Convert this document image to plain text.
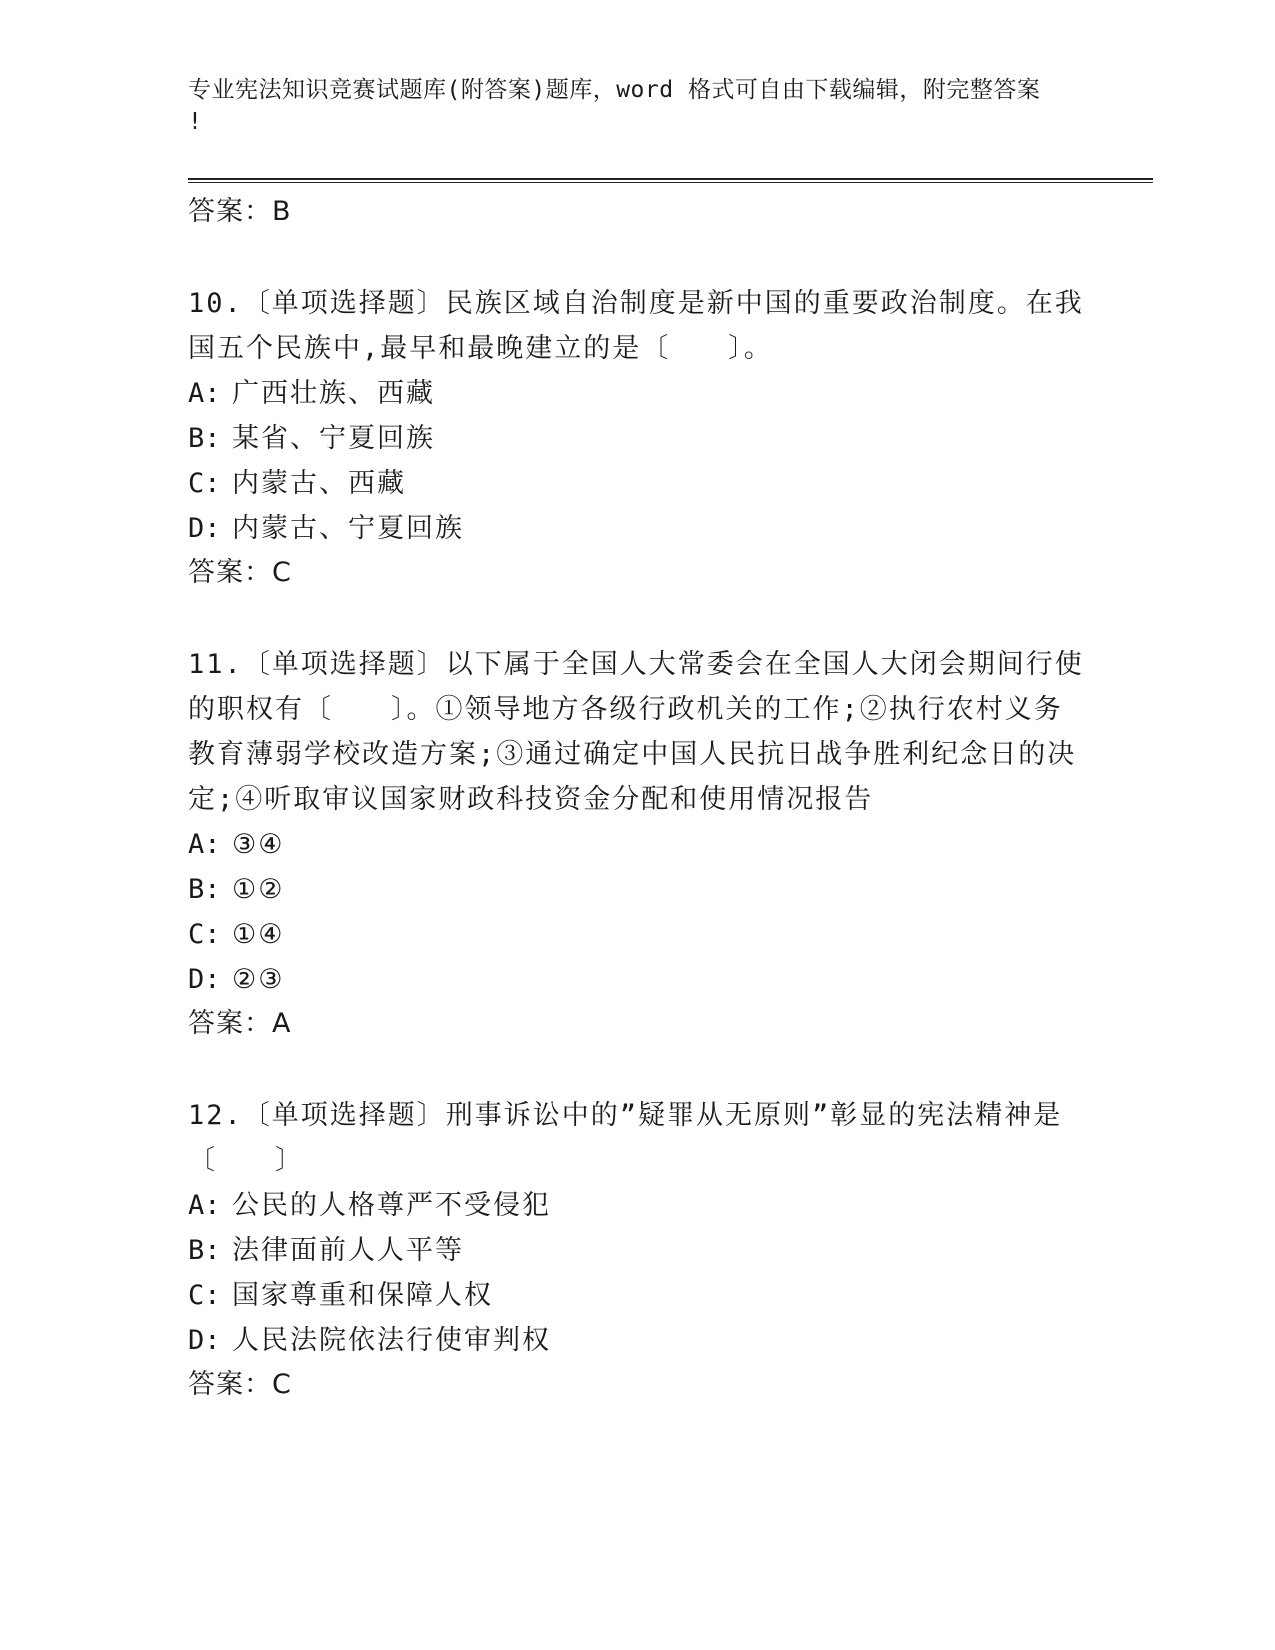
专业宪法知识竞赛试题库(附答案)题库，word 格式可自由下载编辑，附完整答案
!

答案：B

10.〔单项选择题〕民族区域自治制度是新中国的重要政治制度。在我国五个民族中,最早和最晚建立的是〔　　〕。

A: 广西壮族、西藏

B: 某省、宁夏回族

C: 内蒙古、西藏

D: 内蒙古、宁夏回族

答案：C

11.〔单项选择题〕以下属于全国人大常委会在全国人大闭会期间行使的职权有〔　　〕。①领导地方各级行政机关的工作;②执行农村义务教育薄弱学校改造方案;③通过确定中国人民抗日战争胜利纪念日的决定;④听取审议国家财政科技资金分配和使用情况报告

A: ③④

B: ①②

C: ①④

D: ②③

答案：A

12.〔单项选择题〕刑事诉讼中的”疑罪从无原则”彰显的宪法精神是〔　　〕

A: 公民的人格尊严不受侵犯

B: 法律面前人人平等

C: 国家尊重和保障人权

D: 人民法院依法行使审判权

答案：C
